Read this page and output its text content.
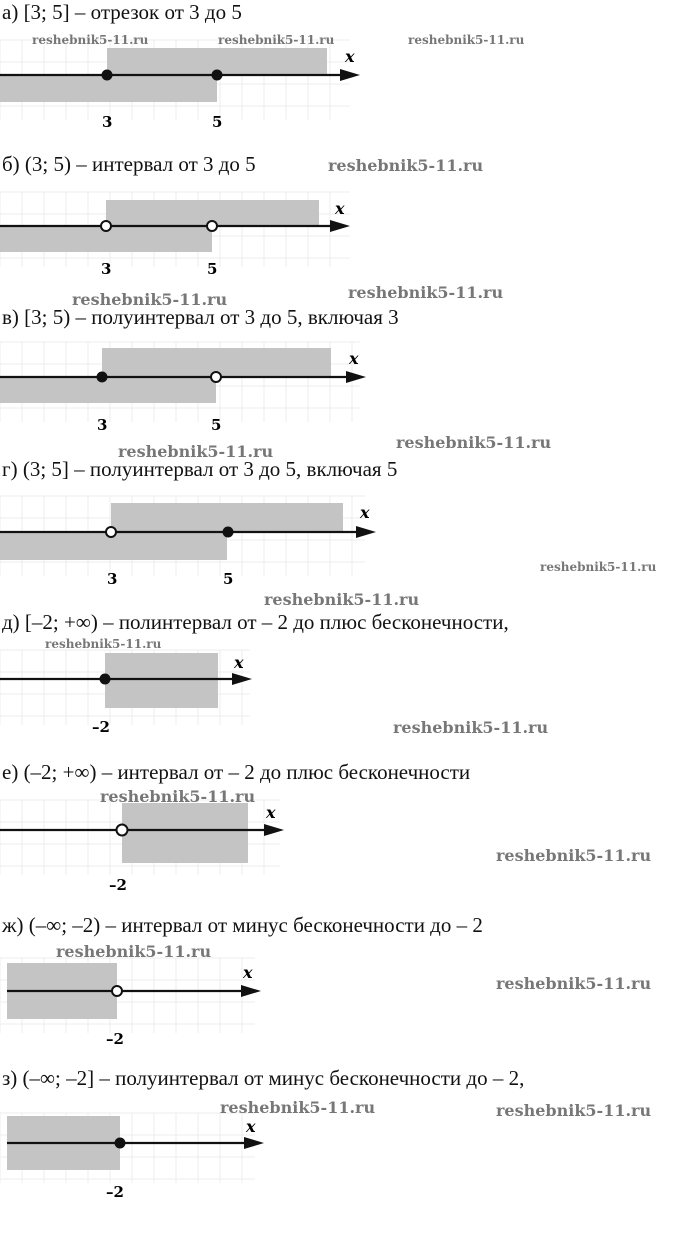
а) [3; 5] – отрезок от 3 до 5
x
3	5
б) (3; 5) – интервал от 3 до 5
x
3	5
в) [3; 5) – полуинтервал от 3 до 5, включая 3
x
3	5
г) (3; 5] – полуинтервал от 3 до 5, включая 5
x
3	5
д) [–2; +∞) – полинтервал от – 2 до плюс бесконечности,
x
–2
е) (–2; +∞) – интервал от – 2 до плюс бесконечности
x
–2
ж) (–∞; –2) – интервал от минус бесконечности до – 2
x
–2
з) (–∞; –2] – полуинтервал от минус бесконечности до – 2,
x
–2
reshebnik5-11.ru	reshebnik5-11.ru	reshebnik5-11.ru
reshebnik5-11.ru
reshebnik5-11.ru	reshebnik5-11.ru
reshebnik5-11.ru	reshebnik5-11.ru
reshebnik5-11.ru
reshebnik5-11.ru
reshebnik5-11.ru
reshebnik5-11.ru
reshebnik5-11.ru
reshebnik5-11.ru
reshebnik5-11.ru
reshebnik5-11.ru
reshebnik5-11.ru	reshebnik5-11.ru
